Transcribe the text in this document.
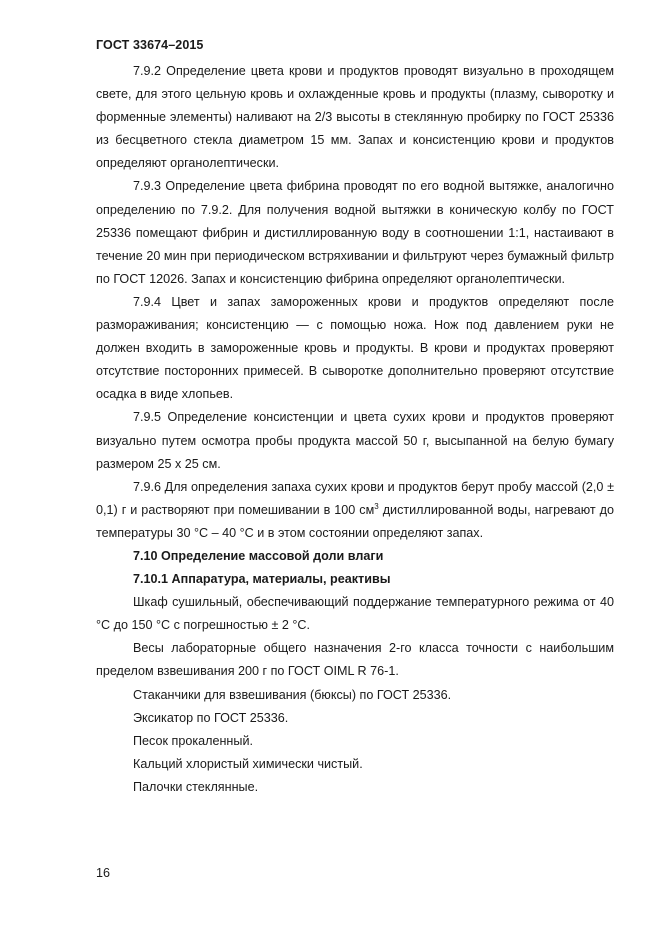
ГОСТ 33674–2015

7.9.2 Определение цвета крови и продуктов проводят визуально в проходящем свете, для этого цельную кровь и охлажденные кровь и продукты (плазму, сыворотку и форменные элементы) наливают на 2/3 высоты в стеклянную пробирку по ГОСТ 25336 из бесцветного стекла диаметром 15 мм. Запах и консистенцию крови и продуктов определяют органолептически.

7.9.3 Определение цвета фибрина проводят по его водной вытяжке, аналогично определению по 7.9.2. Для получения водной вытяжки в коническую колбу по ГОСТ 25336 помещают фибрин и дистиллированную воду в соотношении 1:1, настаивают в течение 20 мин при периодическом встряхивании и фильтруют через бумажный фильтр по ГОСТ 12026. Запах и консистенцию фибрина определяют органолептически.

7.9.4 Цвет и запах замороженных крови и продуктов определяют после размораживания; консистенцию — с помощью ножа. Нож под давлением руки не должен входить в замороженные кровь и продукты. В крови и продуктах проверяют отсутствие посторонних примесей. В сыворотке дополнительно проверяют отсутствие осадка в виде хлопьев.

7.9.5 Определение консистенции и цвета сухих крови и продуктов проверяют визуально путем осмотра пробы продукта массой 50 г, высыпанной на белую бумагу размером 25 х 25 см.

7.9.6 Для определения запаха сухих крови и продуктов берут пробу массой (2,0 ± 0,1) г и растворяют при помешивании в 100 $см^3$ дистиллированной воды, нагревают до температуры 30 °С – 40 °С и в этом состоянии определяют запах.

7.10 Определение массовой доли влаги

7.10.1 Аппаратура, материалы, реактивы

Шкаф сушильный, обеспечивающий поддержание температурного режима от 40 °С до 150 °С с погрешностью ± 2 °С.

Весы лабораторные общего назначения 2-го класса точности с наибольшим пределом взвешивания 200 г по ГОСТ OIML R 76-1.

Стаканчики для взвешивания (бюксы) по ГОСТ 25336.

Эксикатор по ГОСТ 25336.

Песок прокаленный.

Кальций хлористый химически чистый.

Палочки стеклянные.

16
